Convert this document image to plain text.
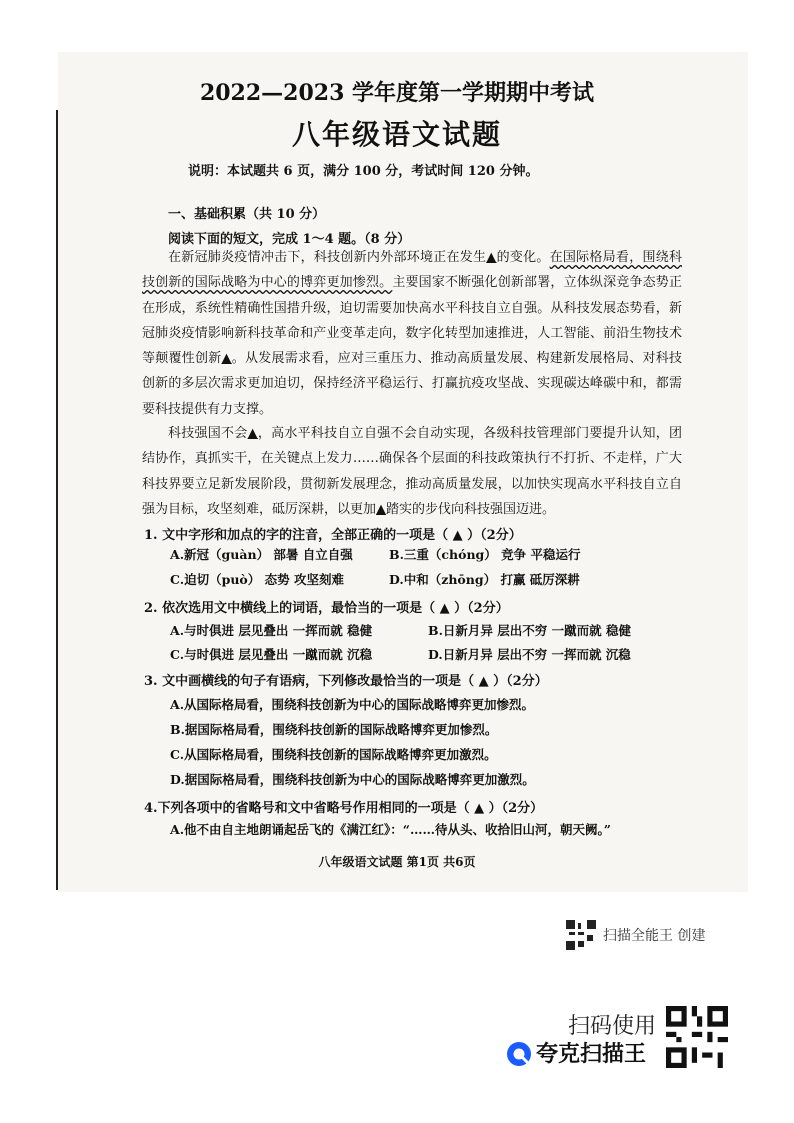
2022—2023 学年度第一学期期中考试
八年级语文试题
说明：本试题共 6 页，满分 100 分，考试时间 120 分钟。
一、基础积累（共 10 分）
阅读下面的短文，完成 1～4 题。（8 分）
在新冠肺炎疫情冲击下，科技创新内外部环境正在发生▲的变化。在国际格局看，围绕科技创新的国际战略为中心的博弈更加惨烈。主要国家不断强化创新部署，立体纵深竞争态势正在形成，系统性精确性国措升级，迫切需要加快高水平科技自立自强。从科技发展态势看，新冠肺炎疫情影响新科技革命和产业变革走向，数字化转型加速推进，人工智能、前沿生物技术等颠覆性创新▲。从发展需求看，应对三重压力、推动高质量发展、构建新发展格局、对科技创新的多层次需求更加迫切，保持经济平稳运行、打赢抗疫攻坚战、实现碳达峰碳中和，都需要科技提供有力支撑。
科技强国不会▲，高水平科技自立自强不会自动实现，各级科技管理部门要提升认知，团结协作，真抓实干，在关键点上发力……确保各个层面的科技政策执行不打折、不走样，广大科技界要立足新发展阶段，贯彻新发展理念，推动高质量发展，以加快实现高水平科技自立自强为目标，攻坚刻难，砥厉深耕，以更加▲踏实的步伐向科技强国迈进。
1. 文中字形和加点的字的注音，全部正确的一项是（ ▲ ）（2分）
A.新冠（guàn） 部暑 自立自强	B.三重（chóng） 竞争 平稳运行
C.迫切（può） 态势 攻坚刻难	D.中和（zhōng） 打赢 砥厉深耕
2. 依次选用文中横线上的词语，最恰当的一项是（ ▲ ）（2分）
A.与时俱进 层见叠出 一挥而就 稳健	B.日新月异 层出不穷 一蹴而就 稳健
C.与时俱进 层见叠出 一蹴而就 沉稳	D.日新月异 层出不穷 一挥而就 沉稳
3. 文中画横线的句子有语病，下列修改最恰当的一项是（ ▲ ）（2分）
A.从国际格局看，围绕科技创新为中心的国际战略博弈更加惨烈。
B.据国际格局看，围绕科技创新的国际战略博弈更加惨烈。
C.从国际格局看，围绕科技创新的国际战略博弈更加激烈。
D.据国际格局看，围绕科技创新为中心的国际战略博弈更加激烈。
4.下列各项中的省略号和文中省略号作用相同的一项是（ ▲ ）（2分）
A.他不由自主地朗诵起岳飞的《满江红》：“……待从头、收拾旧山河，朝天阙。”
八年级语文试题 第1页 共6页
扫描全能王 创建
扫码使用
夸克扫描王
